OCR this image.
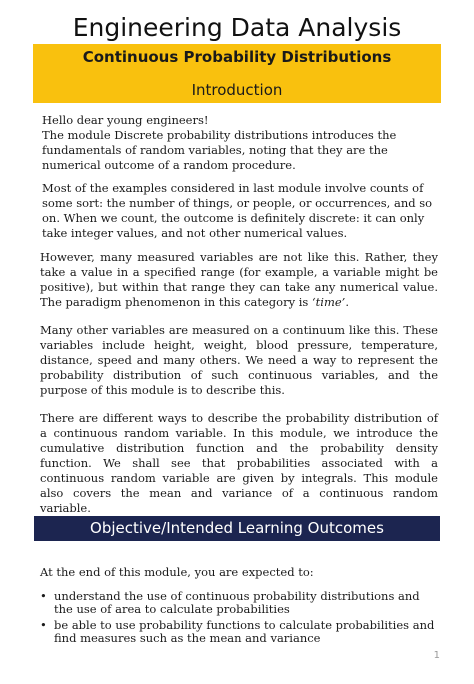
Engineering Data Analysis
Continuous Probability Distributions
Introduction

Hello dear young engineers!

The module Discrete probability distributions introduces the fundamentals of random variables, noting that they are the numerical outcome of a random procedure.

Most of the examples considered in last module involve counts of some sort: the number of things, or people, or occurrences, and so on. When we count, the outcome is definitely discrete: it can only take integer values, and not other numerical values.

However, many measured variables are not like this. Rather, they take a value in a specified range (for example, a variable might be positive), but within that range they can take any numerical value. The paradigm phenomenon in this category is ‘time’.

Many other variables are measured on a continuum like this. These variables include height, weight, blood pressure, temperature, distance, speed and many others. We need a way to represent the probability distribution of such continuous variables, and the purpose of this module is to describe this.

There are different ways to describe the probability distribution of a continuous random variable. In this module, we introduce the cumulative distribution function and the probability density function. We shall see that probabilities associated with a continuous random variable are given by integrals. This module also covers the mean and variance of a continuous random variable.

Objective/Intended Learning Outcomes

At the end of this module, you are expected to:

• understand the use of continuous probability distributions and the use of area to calculate probabilities
• be able to use probability functions to calculate probabilities and find measures such as the mean and variance
1
